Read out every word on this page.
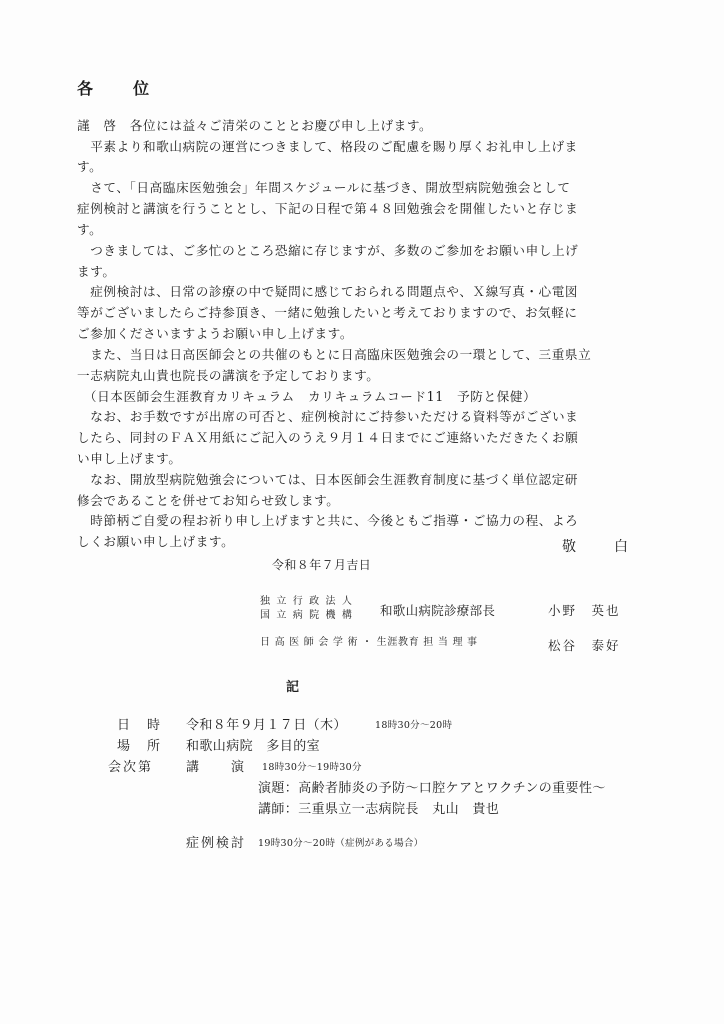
各　位
謹　啓　各位には益々ご清栄のこととお慶び申し上げます。
　平素より和歌山病院の運営につきまして、格段のご配慮を賜り厚くお礼申し上げま
す。
　さて、「日高臨床医勉強会」年間スケジュールに基づき、開放型病院勉強会として
症例検討と講演を行うこととし、下記の日程で第４８回勉強会を開催したいと存じま
す。
　つきましては、ご多忙のところ恐縮に存じますが、多数のご参加をお願い申し上げ
ます。
　症例検討は、日常の診療の中で疑問に感じておられる問題点や、Ｘ線写真・心電図
等がございましたらご持参頂き、一緒に勉強したいと考えておりますので、お気軽に
ご参加くださいますようお願い申し上げます。
　また、当日は日高医師会との共催のもとに日高臨床医勉強会の一環として、三重県立
一志病院丸山貴也院長の講演を予定しております。
　（日本医師会生涯教育カリキュラム　カリキュラムコード11　予防と保健）
　なお、お手数ですが出席の可否と、症例検討にご持参いただける資料等がございま
したら、同封のＦＡＸ用紙にご記入のうえ９月１４日までにご連絡いただきたくお願
い申し上げます。
　なお、開放型病院勉強会については、日本医師会生涯教育制度に基づく単位認定研
修会であることを併せてお知らせ致します。
　時節柄ご自愛の程お祈り申し上げますと共に、今後ともご指導・ご協力の程、よろ
しくお願い申し上げます。	敬　白
令和８年７月吉日
独 立 行 政 法 人
国 立 病 院 機 構 和歌山病院診療部長	小野　英也
日 高 医 師 会 学 術 ・ 生涯教育 担 当 理 事	松谷　泰好
記
日　時 令和８年９月１７日（木）	18時30分～20時
場　所 和歌山病院　多目的室
会次第	講　　演 18時30分～19時30分
演題：高齢者肺炎の予防～口腔ケアとワクチンの重要性～
講師：三重県立一志病院長　丸山　貴也
症例検討 19時30分～20時（症例がある場合）
